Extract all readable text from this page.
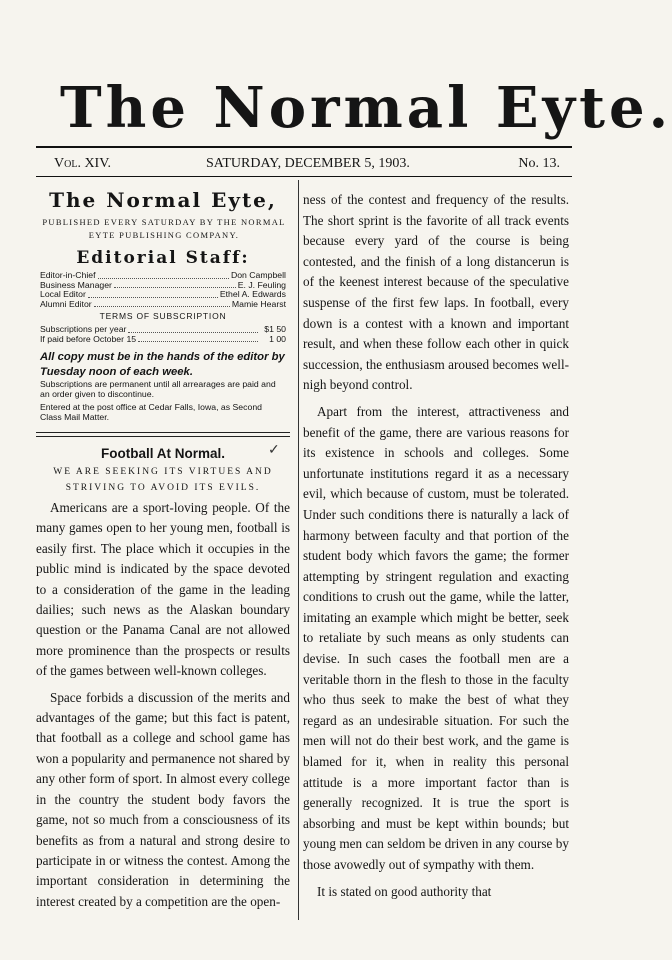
The Normal Eyte.
Vol. XIV.	SATURDAY, DECEMBER 5, 1903.	No. 13.
The Normal Eyte,
PUBLISHED EVERY SATURDAY BY THE NORMAL EYTE PUBLISHING COMPANY.
Editorial Staff:
Editor-in-Chief	Don Campbell
Business Manager	E. J. Feuling
Local Editor	Ethel A. Edwards
Alumni Editor	Mamie Hearst
TERMS OF SUBSCRIPTION
Subscriptions per year	$1 50
If paid before October 15	1 00
All copy must be in the hands of the editor by Tuesday noon of each week.
Subscriptions are permanent until all arrearages are paid and an order given to discontinue.
Entered at the post office at Cedar Falls, Iowa, as Second Class Mail Matter.
Football At Normal.	✓
WE ARE SEEKING ITS VIRTUES AND STRIVING TO AVOID ITS EVILS.

Americans are a sport-loving people. Of the many games open to her young men, football is easily first. The place which it occupies in the public mind is indicated by the space devoted to a consideration of the game in the leading dailies; such news as the Alaskan boundary question or the Panama Canal are not allowed more prominence than the prospects or results of the games between well-known colleges.

Space forbids a discussion of the merits and advantages of the game; but this fact is patent, that football as a college and school game has won a popularity and permanence not shared by any other form of sport. In almost every college in the country the student body favors the game, not so much from a consciousness of its benefits as from a natural and strong desire to participate in or witness the contest. Among the important consideration in determining the interest created by a competition are the open-

ness of the contest and frequency of the results. The short sprint is the favorite of all track events because every yard of the course is being contested, and the finish of a long distancerun is of the keenest interest because of the speculative suspense of the first few laps. In football, every down is a contest with a known and important result, and when these follow each other in quick succession, the enthusiasm aroused becomes well-nigh beyond control.

Apart from the interest, attractiveness and benefit of the game, there are various reasons for its existence in schools and colleges. Some unfortunate institutions regard it as a necessary evil, which because of custom, must be tolerated. Under such conditions there is naturally a lack of harmony between faculty and that portion of the student body which favors the game; the former attempting by stringent regulation and exacting conditions to crush out the game, while the latter, imitating an example which might be better, seek to retaliate by such means as only students can devise. In such cases the football men are a veritable thorn in the flesh to those in the faculty who thus seek to make the best of what they regard as an undesirable situation. For such the men will not do their best work, and the game is blamed for it, when in reality this personal attitude is a more important factor than is generally recognized. It is true the sport is absorbing and must be kept within bounds; but young men can seldom be driven in any course by those avowedly out of sympathy with them.

It is stated on good authority that
